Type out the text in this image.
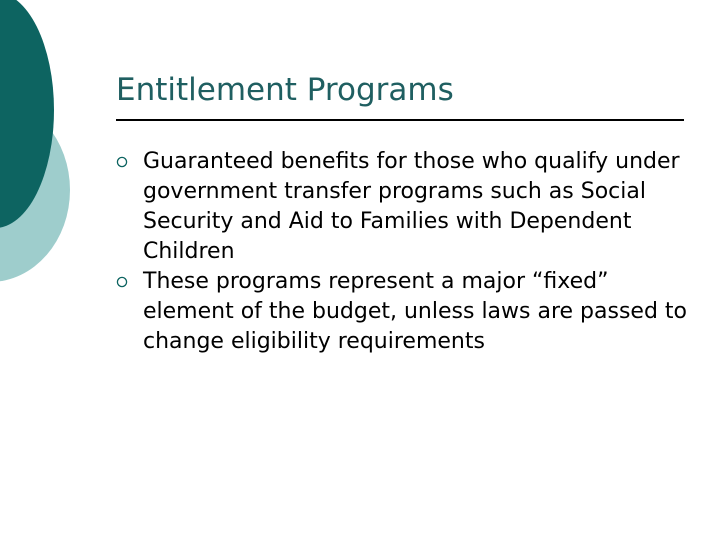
Entitlement Programs
Guaranteed benefits for those who qualify under government transfer programs such as Social Security and Aid to Families with Dependent Children
These programs represent a major “fixed” element of the budget, unless laws are passed to change eligibility requirements
